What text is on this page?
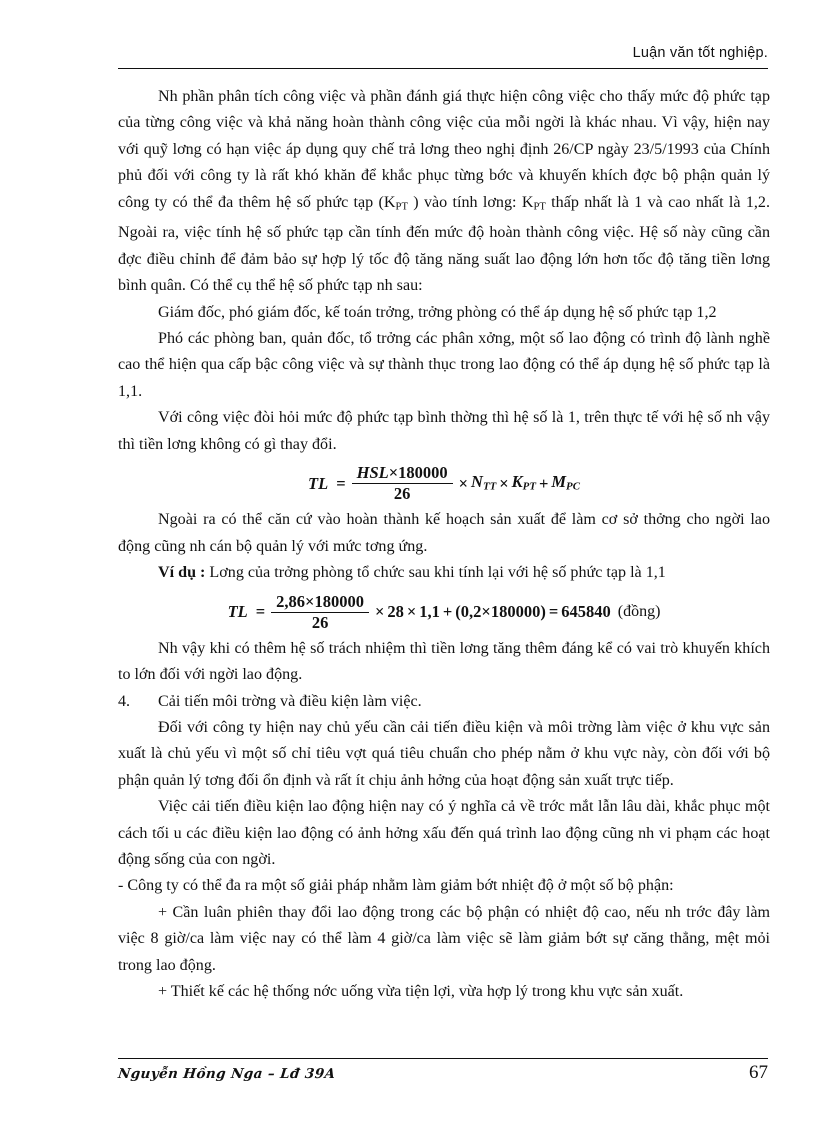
Luận văn tốt nghiệp.

Nh phần phân tích công việc và phần đánh giá thực hiện công việc cho thấy mức độ phức tạp của từng công việc và khả năng hoàn thành công việc của mỗi ngời là khác nhau. Vì vậy, hiện nay với quỹ lơng có hạn việc áp dụng quy chế trả lơng theo nghị định 26/CP ngày 23/5/1993 của Chính phủ đối với công ty là rất khó khăn để khắc phục từng bớc và khuyến khích đợc bộ phận quản lý công ty có thể đa thêm hệ số phức tạp ($K_{PT}$ ) vào tính lơng: $K_{PT}$ thấp nhất là 1 và cao nhất là 1,2. Ngoài ra, việc tính hệ số phức tạp cần tính đến mức độ hoàn thành công việc. Hệ số này cũng cần đợc điều chỉnh để đảm bảo sự hợp lý tốc độ tăng năng suất lao động lớn hơn tốc độ tăng tiền lơng bình quân. Có thể cụ thể hệ số phức tạp nh sau:

Giám đốc, phó giám đốc, kế toán trởng, trởng phòng có thể áp dụng hệ số phức tạp 1,2

Phó các phòng ban, quản đốc, tổ trởng các phân xởng, một số lao động có trình độ lành nghề cao thể hiện qua cấp bậc công việc và sự thành thục trong lao động có thể áp dụng hệ số phức tạp là 1,1.

Với công việc đòi hỏi mức độ phức tạp bình thờng thì hệ số là 1, trên thực tế với hệ số nh vậy thì tiền lơng không có gì thay đổi.

TL = $\frac{\text{HSL×180000}}{26} \times N_{TT} \times K_{PT} + M_{PC}$

Ngoài ra có thể căn cứ vào hoàn thành kế hoạch sản xuất để làm cơ sở thởng cho ngời lao động cũng nh cán bộ quản lý với mức tơng ứng.

Ví dụ : Lơng của trởng phòng tổ chức sau khi tính lại với hệ số phức tạp là 1,1

TL = $\frac{2,86\times 180000}{26} \times 28 \times 1,1 + (0,2\times 180000) = 645840$ (đồng)

Nh vậy khi có thêm hệ số trách nhiệm thì tiền lơng tăng thêm đáng kể có vai trò khuyến khích to lớn đối với ngời lao động.

4.	Cải tiến môi trờng và điều kiện làm việc.

Đối với công ty hiện nay chủ yếu cần cải tiến điều kiện và môi trờng làm việc ở khu vực sản xuất là chủ yếu vì một số chỉ tiêu vợt quá tiêu chuẩn cho phép nằm ở khu vực này, còn đối với bộ phận quản lý tơng đối ổn định và rất ít chịu ảnh hởng của hoạt động sản xuất trực tiếp.

Việc cải tiến điều kiện lao động hiện nay có ý nghĩa cả về trớc mắt lẫn lâu dài, khắc phục một cách tối u các điều kiện lao động có ảnh hởng xấu đến quá trình lao động cũng nh vi phạm các hoạt động sống của con ngời.

- Công ty có thể đa ra một số giải pháp nhằm làm giảm bớt nhiệt độ ở một số bộ phận:

+ Cần luân phiên thay đổi lao động trong các bộ phận có nhiệt độ cao, nếu nh trớc đây làm việc 8 giờ/ca làm việc nay có thể làm 4 giờ/ca làm việc sẽ làm giảm bớt sự căng thẳng, mệt mỏi trong lao động.

+ Thiết kế các hệ thống nớc uống vừa tiện lợi, vừa hợp lý trong khu vực sản xuất.

Nguyễn Hồng Nga – Lđ 39A	67
